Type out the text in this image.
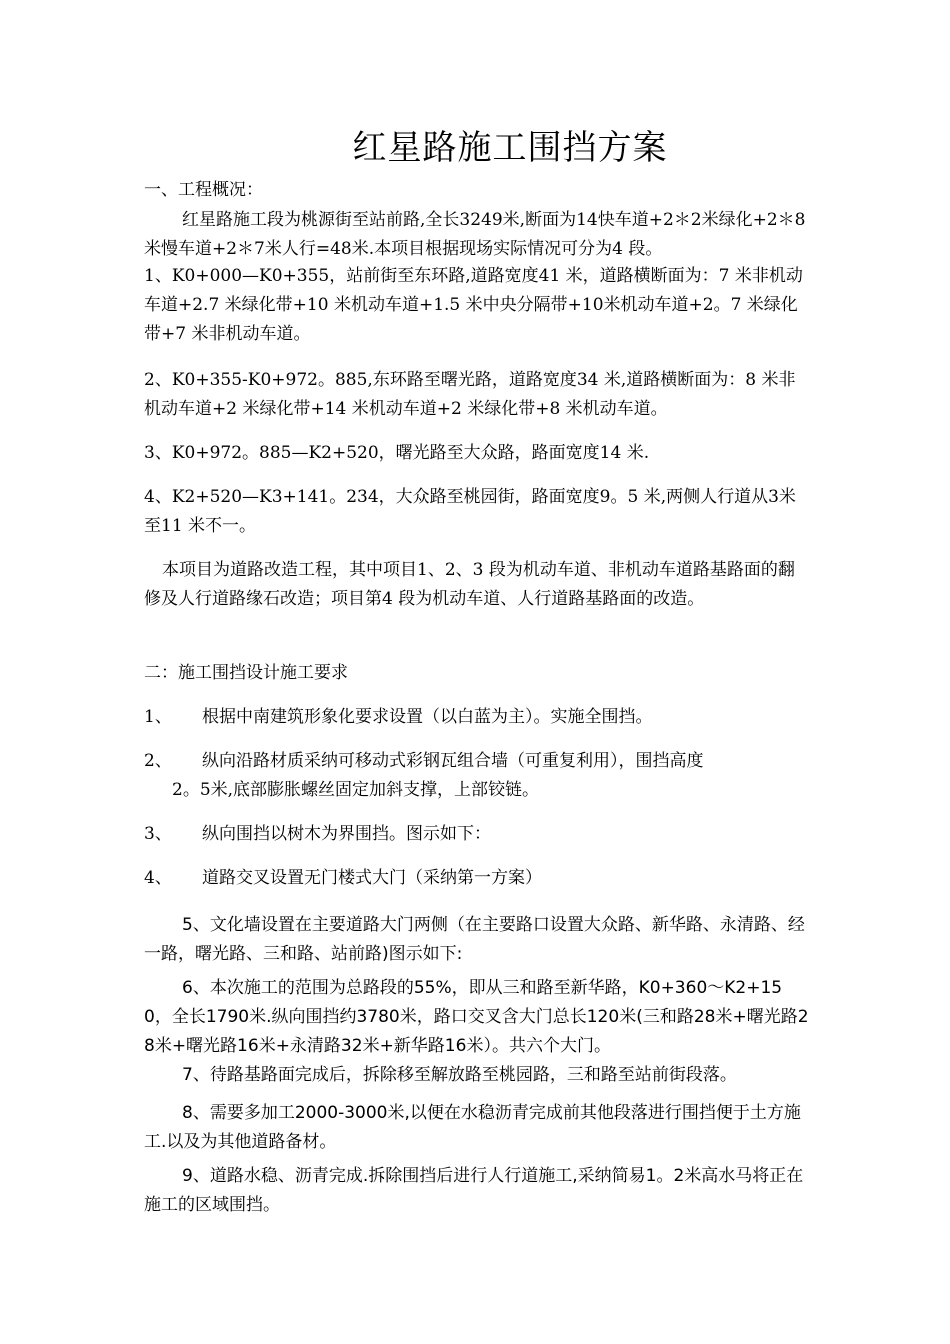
红星路施工围挡方案
一、工程概况：
红星路施工段为桃源街至站前路,全长3249米,断面为14快车道+2＊2米绿化+2＊8米慢车道+2＊7米人行=48米.本项目根据现场实际情况可分为4 段。
1、K0+000—K0+355，站前街至东环路,道路宽度41 米，道路横断面为：7 米非机动车道+2.7 米绿化带+10 米机动车道+1.5 米中央分隔带+10米机动车道+2。7 米绿化带+7 米非机动车道。
2、K0+355-K0+972。885,东环路至曙光路，道路宽度34 米,道路横断面为：8 米非机动车道+2 米绿化带+14 米机动车道+2 米绿化带+8 米机动车道。
3、K0+972。885—K2+520，曙光路至大众路，路面宽度14 米.
4、K2+520—K3+141。234，大众路至桃园街，路面宽度9。5 米,两侧人行道从3米至11 米不一。
本项目为道路改造工程，其中项目1、2、3 段为机动车道、非机动车道路基路面的翻修及人行道路缘石改造；项目第4 段为机动车道、人行道路基路面的改造。
二：施工围挡设计施工要求
1、 根据中南建筑形象化要求设置（以白蓝为主）。实施全围挡。
2、 纵向沿路材质采纳可移动式彩钢瓦组合墙（可重复利用），围挡高度
2。5米,底部膨胀螺丝固定加斜支撑，上部铰链。
3、 纵向围挡以树木为界围挡。图示如下：
4、 道路交叉设置无门楼式大门（采纳第一方案）
5、文化墙设置在主要道路大门两侧（在主要路口设置大众路、新华路、永清路、经一路，曙光路、三和路、站前路)图示如下:
6、本次施工的范围为总路段的55%，即从三和路至新华路，K0+360～K2+150，全长1790米.纵向围挡约3780米，路口交叉含大门总长120米(三和路28米+曙光路28米+曙光路16米+永清路32米+新华路16米）。共六个大门。
7、待路基路面完成后，拆除移至解放路至桃园路，三和路至站前街段落。
8、需要多加工2000-3000米,以便在水稳沥青完成前其他段落进行围挡便于土方施工.以及为其他道路备材。
9、道路水稳、沥青完成.拆除围挡后进行人行道施工,采纳简易1。2米高水马将正在施工的区域围挡。
